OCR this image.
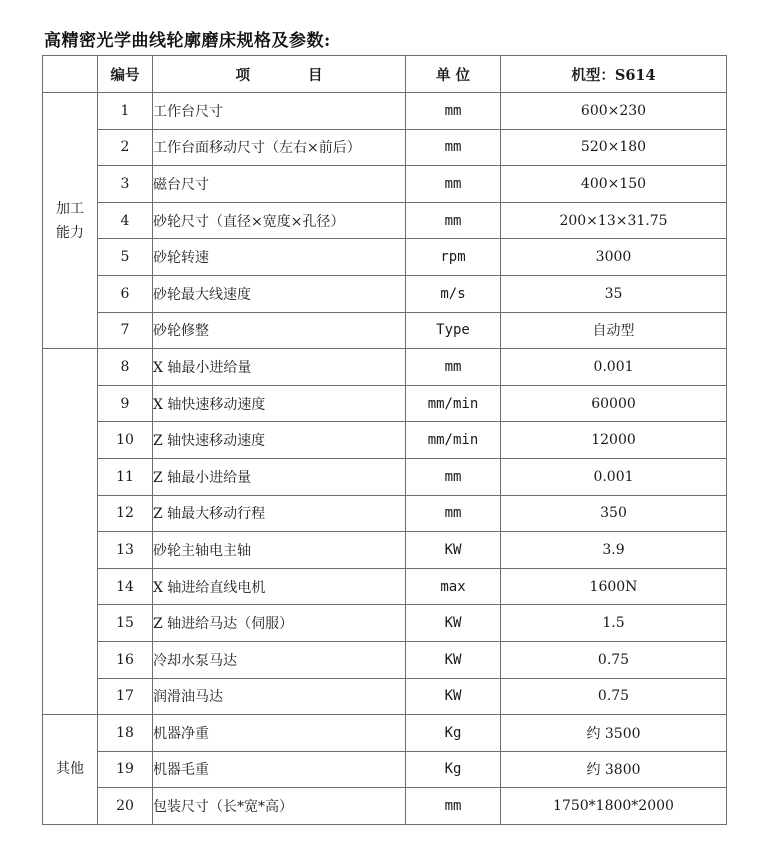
高精密光学曲线轮廓磨床规格及参数:
	编号	项　　　　目	单 位	机型：S614

加工
能力	1	工作台尺寸	mm	600×230
	2	工作台面移动尺寸（左右×前后）	mm	520×180
	3	磁台尺寸	mm	400×150
	4	砂轮尺寸（直径×宽度×孔径）	mm	200×13×31.75
	5	砂轮转速	rpm	3000
	6	砂轮最大线速度	m/s	35
	7	砂轮修整	Type	自动型

	8	X 轴最小进给量	mm	0.001
	9	X 轴快速移动速度	mm/min	60000
	10	Z 轴快速移动速度	mm/min	12000
	11	Z 轴最小进给量	mm	0.001
	12	Z 轴最大移动行程	mm	350
	13	砂轮主轴电主轴	KW	3.9
	14	X 轴进给直线电机	max	1600N
	15	Z 轴进给马达（伺服）	KW	1.5
	16	冷却水泵马达	KW	0.75
	17	润滑油马达	KW	0.75

其他	18	机器净重	Kg	约 3500
	19	机器毛重	Kg	约 3800
	20	包装尺寸（长*宽*高）	mm	1750*1800*2000
